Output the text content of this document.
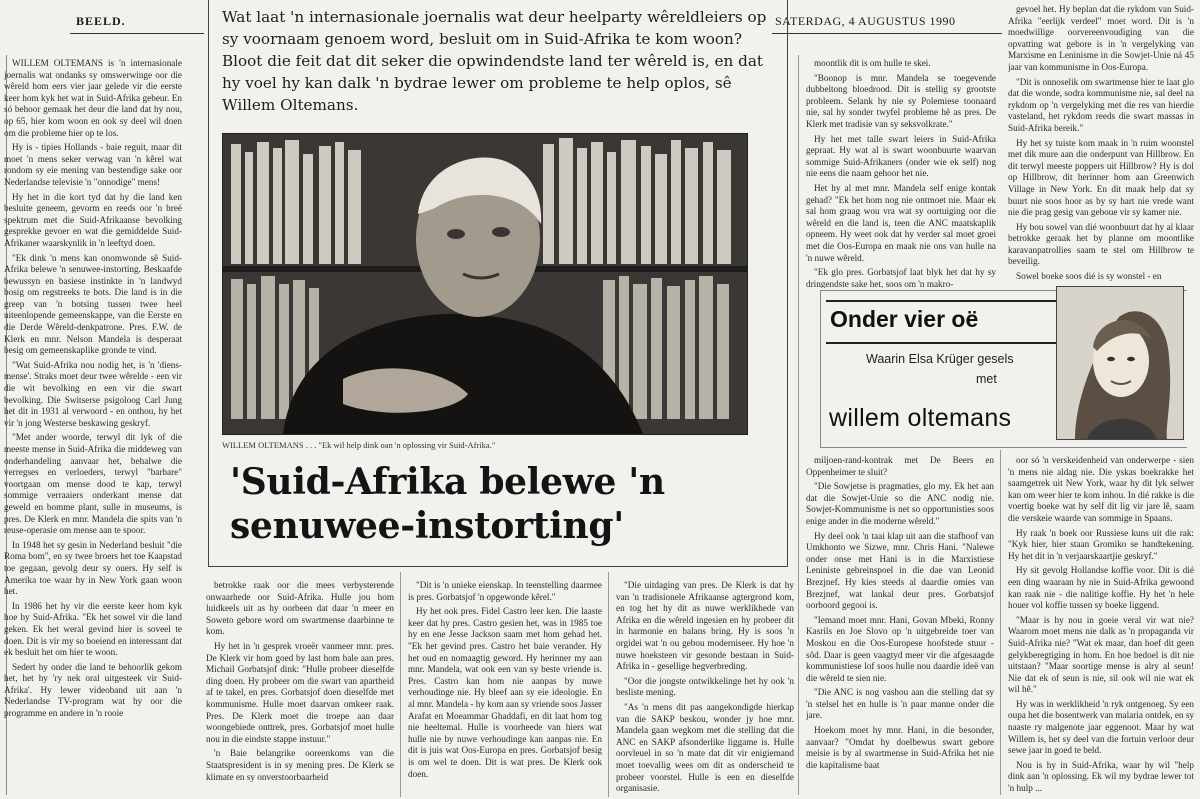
BEELD.	SATERDAG, 4 AUGUSTUS 1990
Wat laat 'n internasionale joernalis wat deur heelparty wêreldleiers op sy voornaam genoem word, besluit om in Suid-Afrika te kom woon? Bloot die feit dat dit seker die opwindendste land ter wêreld is, en dat hy voel hy kan dalk 'n bydrae lewer om probleme te help oplos, sê Willem Oltemans.
WILLEM OLTEMANS . . . "Ek wil help dink oan 'n oplossing vir Suid-Afrika."
'Suid-Afrika belewe 'n senuwee-instorting'

WILLEM OLTEMANS is 'n internasionale joernalis wat ondanks sy omswerwinge oor die wêreld hom eers vier jaar gelede vir die eerste keer hom kyk het wat in Suid-Afrika gebeur. En só behoor gemaak het deur die land dat hy nou, op 65, hier kom woon en ook sy deel wil doen om die probleme hier op te los.

Hy is - tipies Hollands - baie reguit, maar dit moet 'n mens seker verwag van 'n kêrel wat rondom sy eie mening van bestendige sake oor Nederlandse televisie 'n "onnodige" mens!

Hy het in die kort tyd dat hy die land ken besluite geneem, gevorm en reeds oor 'n breë spektrum met die Suid-Afrikaanse bevolking gesprekke gevoer en wat die gemiddelde Suid-Afrikaner waarskynlik in 'n leeftyd doen.

"Ek dink 'n mens kan onomwonde sê Suid-Afrika belewe 'n senuwee-instorting. Beskaafde bewussyn en basiese instinkte in 'n landwyd bosig om regstreeks te bots. Die land is in die greep van 'n botsing tussen twee heel uiteenlopende gemeenskappe, van die Eerste en die Derde Wêreld-denkpatrone. Pres. F.W. de Klerk en mnr. Nelson Mandela is desperaat besig om gemeenskaplike gronde te vind.

"Wat Suid-Afrika nou nodig het, is 'n 'diens-mense'. Straks moet deur twee wêrelde - een vir die wit bevolking en een vir die swart bevolking. Die Switserse psigoloog Carl Jung het dit in 1931 al verwoord - en onthou, hy het vir 'n jong Westerse beskawing geskryf.

"Met ander woorde, terwyl dit lyk of die meeste mense in Suid-Afrika die middeweg van onderhandeling aanvaar het, behalwe die verregses en verloeders, terwyl "barbare" voortgaan om mense dood te kap, terwyl sommige verraaiers onderkant mense dat geweld en bomme plant, sulle in museums, is pres. De Klerk en mnr. Mandela die spits van 'n reuse-operasie om mense aan te spoor.

In 1948 het sy gesin in Nederland besluit "die Roma bom", en sy twee broers het toe Kaapstad toe gegaan, gevolg deur sy ouers. Hy self is Amerika toe waar hy in New York gaan woon het.

In 1986 het hy vir die eerste keer hom kyk hoe hy Suid-Afrika. "Ek het sowel vir die land geken. Ek het weral gevind hier is soveel te doen. Dit is vir my so boeiend en interessant dat ek besluit het om hier te woon.

Sedert hy onder die land te behoorlik gekom het, het hy 'ry nek oral uitgesteek vir Suid-Afrika'. Hy lewer videoband uit aan 'n Nederlandse TV-program wat hy oor die programme en andere in 'n rooie

betrokke raak oor die mees verbysterende onwaarhede oor Suid-Afrika. Hulle jou hom luidkeels uit as hy oorbeen dat daar 'n meer en Soweto gebore word om swartmense daarbinne te kom.

Hy het in 'n gesprek vroeër vanmeer mnr. pres. De Klerk vir hom goed by last hom bale aan pres. Michail Gorbatsjof dink: "Hulle probeer dieselfde ding doen. Hy probeer om die swart van apartheid af te takel, en pres. Gorbatsjof doen dieselfde met kommunisme. Hulle moet daarvan omkeer raak. Pres. De Klerk moet die troepe aan daar woongebiede onttrek, pres. Gorbatsjof moet hulle nou in die eindste stappe instuur."

'n Baie belangrike ooreenkoms van die Staatspresident is in sy mening pres. De Klerk se klimate en sy onverstoorbaarheid

"Dit is 'n unieke eienskap. In teenstelling daarmee is pres. Gorbatsjof 'n opgewonde kêrel."

Hy het ook pres. Fidel Castro leer ken. Die laaste keer dat hy pres. Castro gesien het, was in 1985 toe hy en ene Jesse Jackson saam met hom gehad het. "Ek het gevind pres. Castro het baie verander. Hy het oud en nomaagtig geword. Hy herinner my aan mnr. Mandela, wat ook een van sy beste vriende is. Pres. Castro kan hom nie aanpas by nuwe verhoudinge nie. Hy bleef aan sy eie ideologie. En al mnr. Mandela - hy kom aan sy vriende soos Jasser Arafat en Moeammar Ghaddafi, en dit laat hom tog nie heeltemal. Hulle is voorheede van hiers wat hulle nie by nuwe verhoudinge kan aanpas nie. En dit is juis wat Oos-Europa en pres. Gorbatsjof besig is om wel te doen. Dit is wat pres. De Klerk ook doen.

"Die uitdaging van pres. De Klerk is dat hy van 'n tradisionele Afrikaanse agtergrond kom, en tog het hy dit as nuwe werklikhede van Afrika en die wêreld ingesien en hy probeer dit in harmonie en balans bring. Hy is soos 'n orgidei wat 'n ou gebou moderniseer. Hy hoe 'n nuwe hoeksteen vir gesonde bestaan in Suid-Afrika in - gesellige hegverbreding.

"Oor die jongste ontwikkelinge het hy ook 'n besliste mening.

"As 'n mens dit pas aangekondigde hierkap van die SAKP beskou, wonder jy hoe mnr. Mandela gaan wegkom met die stelling dat die ANC en SAKP afsonderlike liggame is. Hulle oorvleuel in so 'n mate dat dit vir enigiemand moet toevallig wees om dit as onderscheid te probeer voorstel. Hulle is een en dieselfde organisasie.

moontlik dit is om hulle te skei.

"Boonop is mnr. Mandela se toegevende dubbeltong bloedrood. Dit is stellig sy grootste probleem. Selank hy nie sy Polemiese toonaard nie, sal hy sonder twyfel probleme hê as pres. De Klerk met tradisie van sy seksvolkrate."

Hy het met talle swart leiers in Suid-Afrika gepraat. Hy wat al is swart woonbuurte waarvan sommige Suid-Afrikaners (onder wie ek self) nog nie eens die naam gehoor het nie.

Het hy al met mnr. Mandela self enige kontak gehad? "Ek het hom nog nie ontmoet nie. Maar ek sal hom graag wou vra wat sy oortuiging oor die wêreld en die land is, teen die ANC maatskaplik opneem. Hy weet ook dat hy verder sal moet groei met die Oos-Europa en maak nie ons van hulle na 'n nuwe wêreld.

"Ek glo pres. Gorbatsjof laat blyk het dat hy sy dringendste sake het, soos om 'n makro-

miljoen-rand-kontrak met De Beers en Oppenheimer te sluit?

"Die Sowjetse is pragmaties, glo my. Ek het aan dat die Sowjet-Unie so die ANC nodig nie. Sowjet-Kommunisme is net so opportunisties soos enige ander in die moderne wêreld."

Hy deel ook 'n taai klap uit aan die stafhoof van Umkhonto we Sizwe, mnr. Chris Hani. "Nalewe onder onse met Hani is in die Marxistiese Leniniste gebreinspoel in die dae van Leonid Brezjnef. Hy kies steeds al daardie omies van Brezjnef, wat lankal deur pres. Gorbatsjof oorboord gegooi is.

"Iemand moet mnr. Hani, Govan Mbeki, Ronny Kasrils en Joe Slovo op 'n uitgebreide toer van Moskou en die Oos-Europese hoofstede stuur - sôd. Daar is geen vaagtyd meer vir die afgesaagde kommunistiese lof soos hulle nou daardie ideë van die wêreld te sien nie.

"Die ANC is nog vashou aan die stelling dat sy 'n stelsel het en hulle is 'n paar manne onder die jare.

Hoekom moet hy mnr. Hani, in die besonder, aanvaar? "Omdat hy doelbewus swart gebore meisie is by al swartmense in Suid-Afrika het nie die kapitalisme baat

gevoel het. Hy beplan dat die rykdom van Suid-Afrika "eerlijk verdeel" moet word. Dit is 'n moedwillige oorvereenvoudiging van die opvatting wat gebore is in 'n vergelyking van Marxisme en Leninisme in die Sowjet-Unie ná 45 jaar van kommunisme in Oos-Europa.

"Dit is onnoselik om swartmense hier te laat glo dat die wonde, sodra kommunisme nie, sal deel na rykdom op 'n vergelyking met die res van hierdie vasteland, het rykdom reeds die swart massas in Suid-Afrika bereik."

Hy het sy tuiste kom maak in 'n ruim woonstel met dik mure aan die onderpunt van Hillbrow. En dit terwyl meeste poppers uit Hillbrow? Hy is dol op Hillbrow, dit herinner hom aan Greenwich Village in New York. En dit maak help dat sy buurt nie soos hoor as by sy hart nie vrede want nie die prag gesig van geboue vir sy kamer nie.

Hy bou sowel van dié woonbuurt dat hy al klaar betrokke geraak het by planne om moontlike karavanpatrollies saam te stel om Hillbrow te beveilig.

Sowel boeke soos dié is sy wonstel - en

oor só 'n verskeidenheid van onderwerpe - sien 'n mens nie aldag nie. Die yskas boekrakke het saamgetrek uit New York, waar hy dit lyk selwer kan om weer hier te kom inhou. In dié rakke is die voertig boeke wat hy self dit lig vir jare lê, saam die verskeie waarde van sommige in Spaans.

Hy raak 'n boek oor Russiese kuns uit die rak: "Kyk hier, hier staan Gromiko se handtekening. Hy het dit in 'n verjaarskaartjie geskryf."

Hy sit gevolg Hollandse koffie voor. Dit is dié een ding waaraan hy nie in Suid-Afrika gewoond kan raak nie - die nalitige koffie. Hy het 'n hele houer vol koffie tussen sy boeke liggend.

"Maar is hy nou in goeie veral vir wat nie? Waarom moet mens nie dalk as 'n propaganda vir Suid-Afrika nie? "Wat ek maar, dan hoef dit geen gelykberegtiging in hom. En hoe bedoel is dit nie uitstaan? "Maar soortige mense is alry al seun! Nie dat ek of seun is nie, sil ook wil nie wat ek wil hê."

Hy was in werklikheid 'n ryk ontgenoeg. Sy een oupa het die bosentwerk van malaria ontdek, en sy naaste ry malgenote jaar eggenoot. Maar hy wat Willem is, het sy deel van die fortuin verloor deur sewe jaar in goed te beld.

Nou is hy in Suid-Afrika, waar hy wil "help dink aan 'n oplossing. Ek wil my bydrae lewer tot 'n hulp ...

Onder vier oë
Waarin Elsa Krüger gesels
met
willem oltemans
